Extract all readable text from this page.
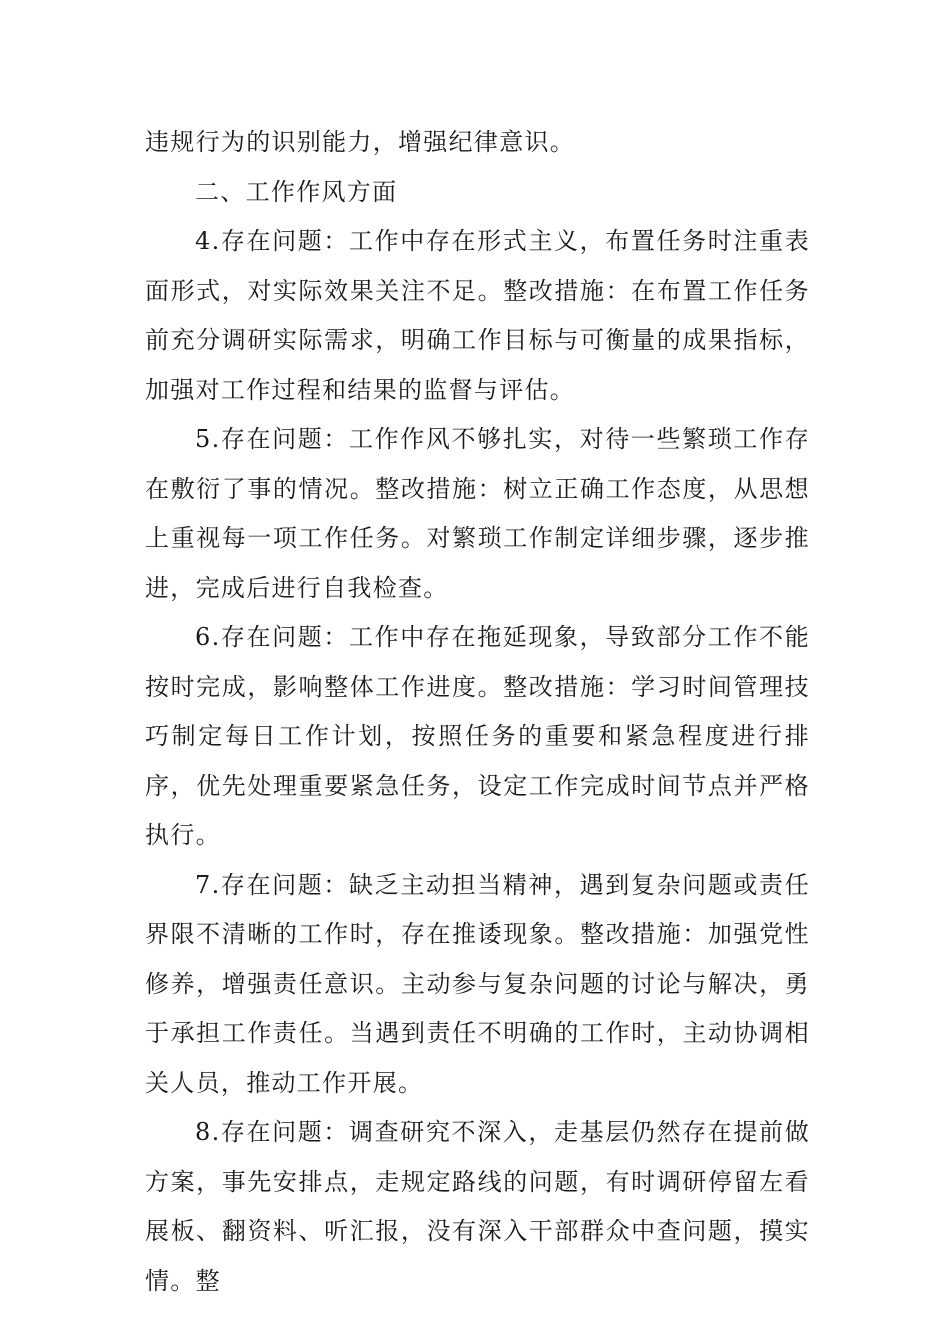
违规行为的识别能力，增强纪律意识。

二、工作作风方面

4.存在问题：工作中存在形式主义，布置任务时注重表面形式，对实际效果关注不足。整改措施：在布置工作任务前充分调研实际需求，明确工作目标与可衡量的成果指标，加强对工作过程和结果的监督与评估。

5.存在问题：工作作风不够扎实，对待一些繁琐工作存在敷衍了事的情况。整改措施：树立正确工作态度，从思想上重视每一项工作任务。对繁琐工作制定详细步骤，逐步推进，完成后进行自我检查。

6.存在问题：工作中存在拖延现象，导致部分工作不能按时完成，影响整体工作进度。整改措施：学习时间管理技巧制定每日工作计划，按照任务的重要和紧急程度进行排序，优先处理重要紧急任务，设定工作完成时间节点并严格执行。

7.存在问题：缺乏主动担当精神，遇到复杂问题或责任界限不清晰的工作时，存在推诿现象。整改措施：加强党性修养，增强责任意识。主动参与复杂问题的讨论与解决，勇于承担工作责任。当遇到责任不明确的工作时，主动协调相关人员，推动工作开展。

8.存在问题：调查研究不深入，走基层仍然存在提前做方案，事先安排点，走规定路线的问题，有时调研停留左看展板、翻资料、听汇报，没有深入干部群众中查问题，摸实情。整
